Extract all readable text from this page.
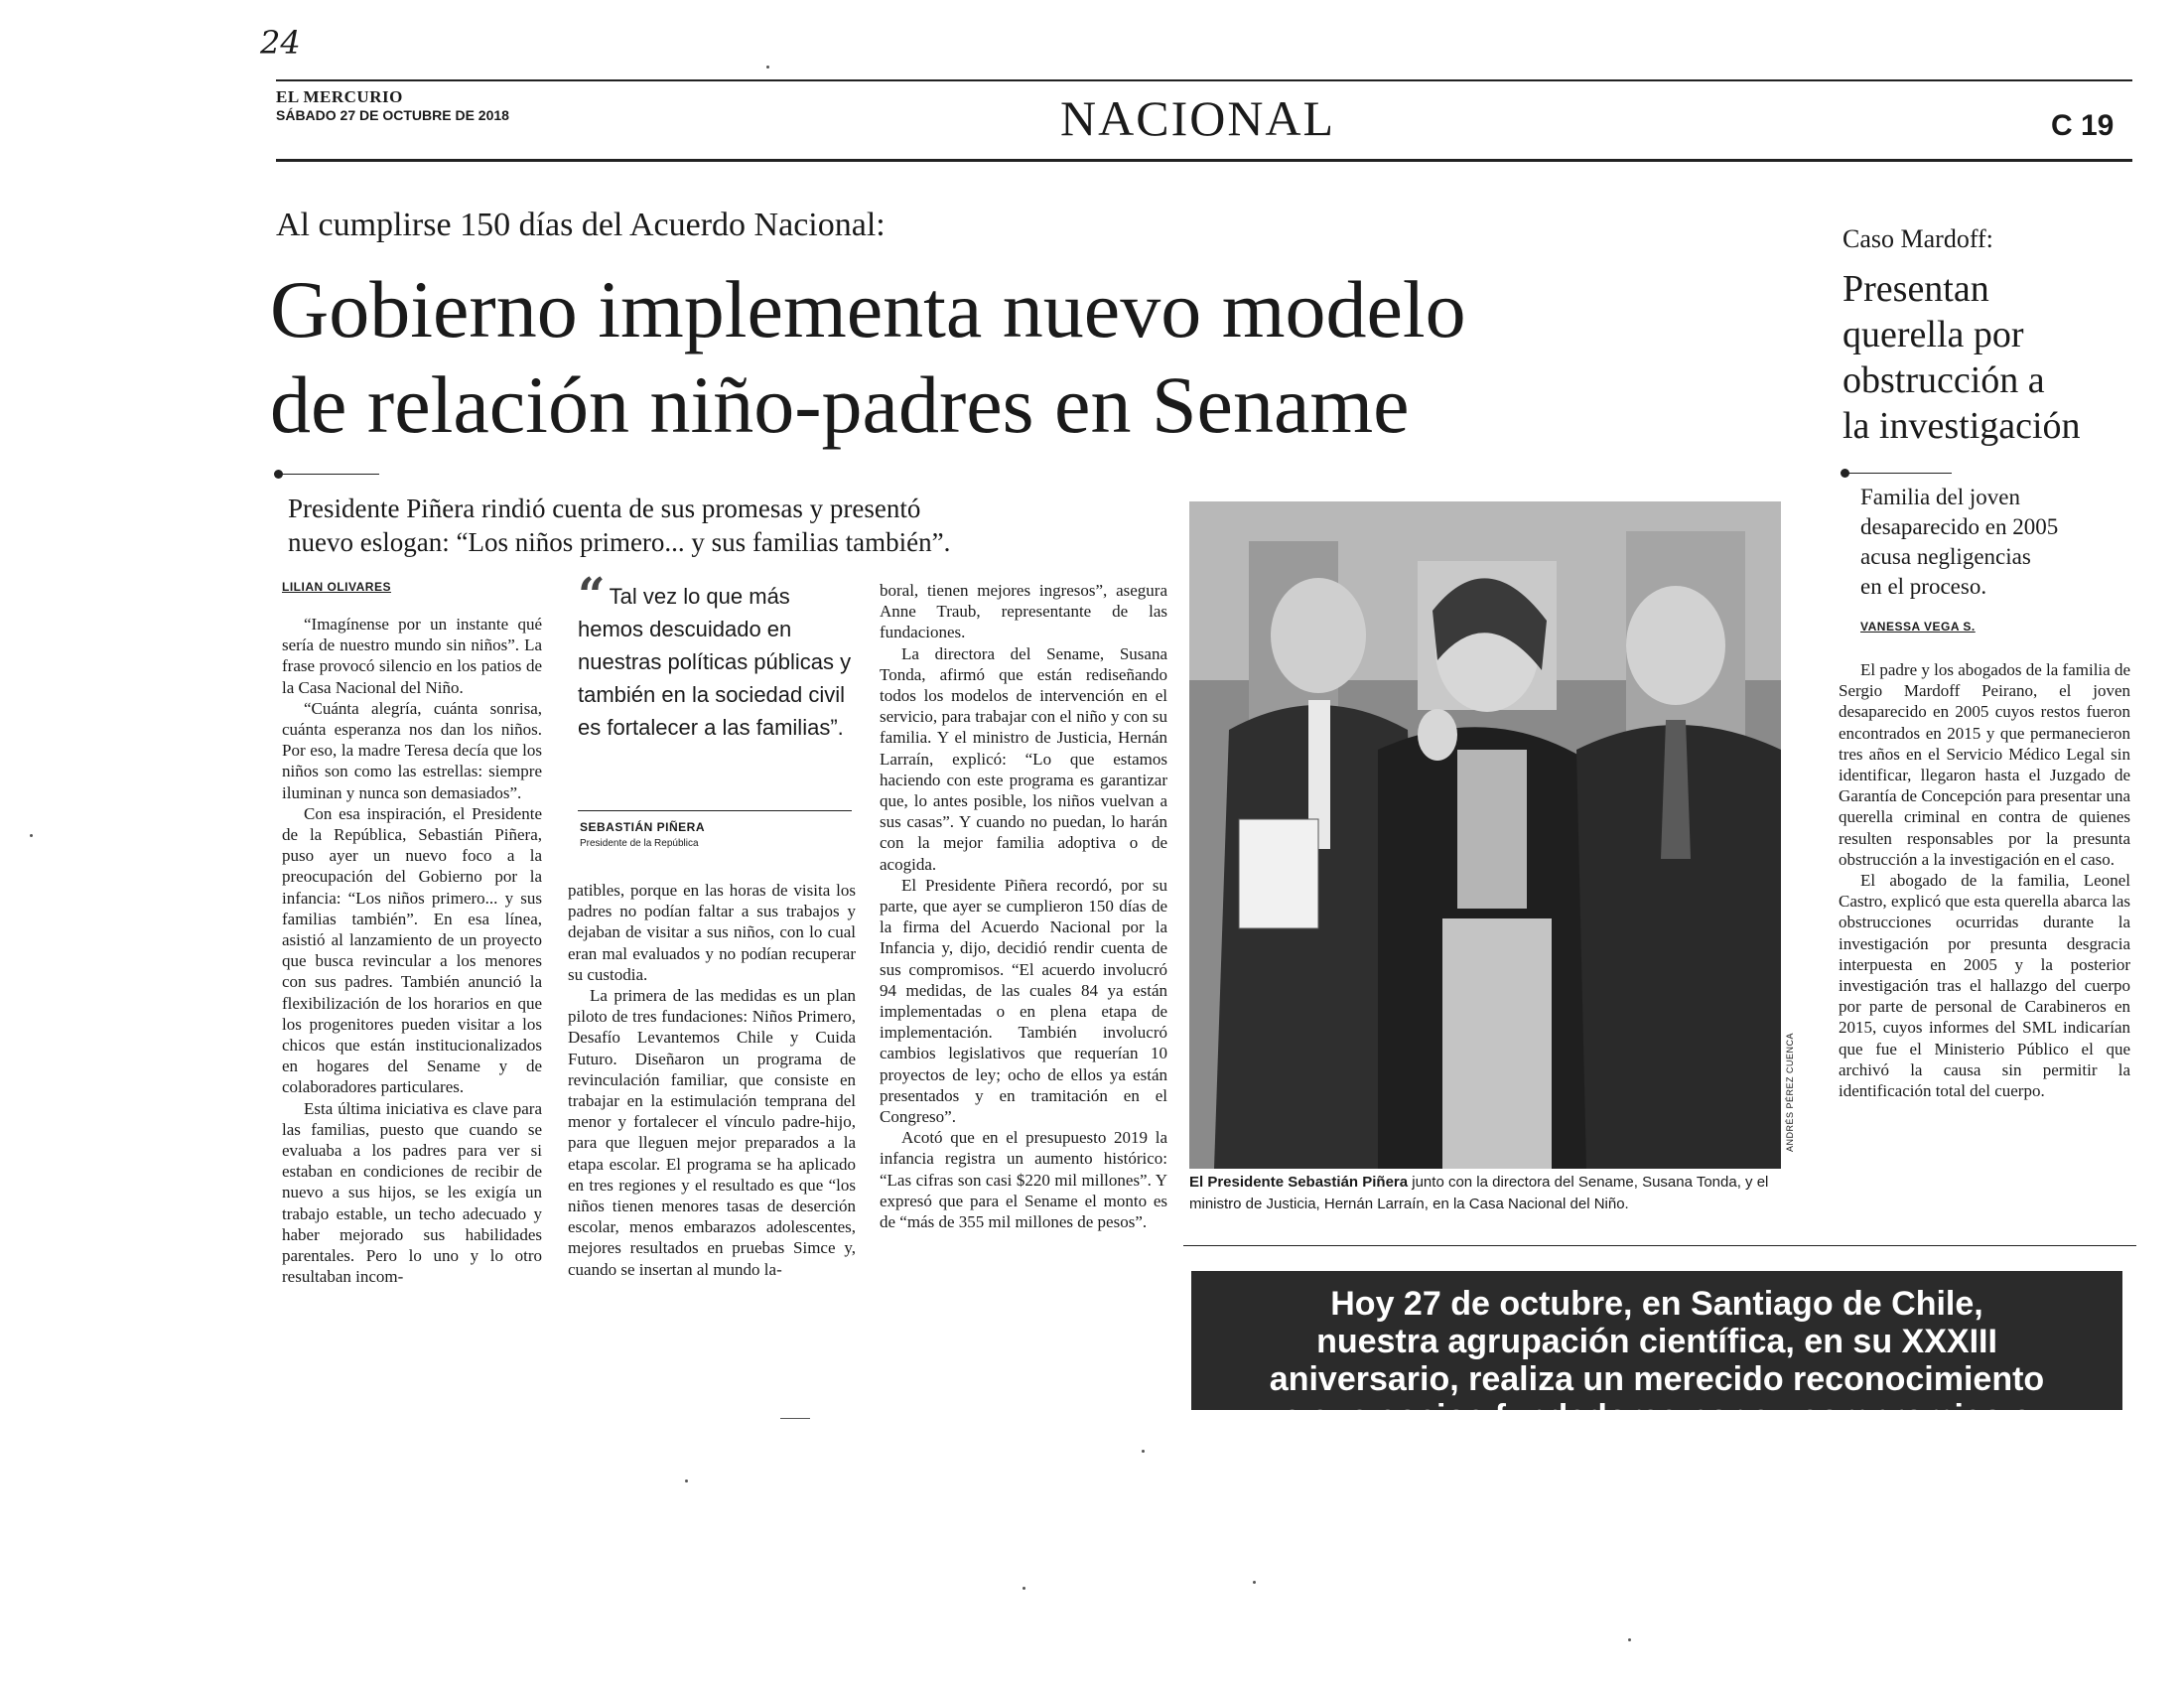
24
EL MERCURIO
SÁBADO 27 DE OCTUBRE DE 2018	NACIONAL	C 19
Al cumplirse 150 días del Acuerdo Nacional:
Gobierno implementa nuevo modelo
de relación niño-padres en Sename
Presidente Piñera rindió cuenta de sus promesas y presentó
nuevo eslogan: “Los niños primero... y sus familias también”.
LILIAN OLIVARES

“Imagínense por un instante qué sería de nuestro mundo sin niños”. La frase provocó silencio en los patios de la Casa Nacional del Niño.

“Cuánta alegría, cuánta sonrisa, cuánta esperanza nos dan los niños. Por eso, la madre Teresa decía que los niños son como las estrellas: siempre iluminan y nunca son demasiados”.

Con esa inspiración, el Presidente de la República, Sebastián Piñera, puso ayer un nuevo foco a la preocupación del Gobierno por la infancia: “Los niños primero... y sus familias también”. En esa línea, asistió al lanzamiento de un proyecto que busca revincular a los menores con sus padres. También anunció la flexibilización de los horarios en que los progenitores pueden visitar a los chicos que están institucionalizados en hogares del Sename y de colaboradores particulares.

Esta última iniciativa es clave para las familias, puesto que cuando se evaluaba a los padres para ver si estaban en condiciones de recibir de nuevo a sus hijos, se les exigía un trabajo estable, un techo adecuado y haber mejorado sus habilidades parentales. Pero lo uno y lo otro resultaban incom-

“ Tal vez lo que más hemos descuidado en nuestras políticas públicas y también en la sociedad civil es fortalecer a las familias”.
SEBASTIÁN PIÑERA
Presidente de la República

patibles, porque en las horas de visita los padres no podían faltar a sus trabajos y dejaban de visitar a sus niños, con lo cual eran mal evaluados y no podían recuperar su custodia.

La primera de las medidas es un plan piloto de tres fundaciones: Niños Primero, Desafío Levantemos Chile y Cuida Futuro. Diseñaron un programa de revinculación familiar, que consiste en trabajar en la estimulación temprana del menor y fortalecer el vínculo padre-hijo, para que lleguen mejor preparados a la etapa escolar. El programa se ha aplicado en tres regiones y el resultado es que “los niños tienen menores tasas de deserción escolar, menos embarazos adolescentes, mejores resultados en pruebas Simce y, cuando se insertan al mundo la-

boral, tienen mejores ingresos”, asegura Anne Traub, representante de las fundaciones.

La directora del Sename, Susana Tonda, afirmó que están rediseñando todos los modelos de intervención en el servicio, para trabajar con el niño y con su familia. Y el ministro de Justicia, Hernán Larraín, explicó: “Lo que estamos haciendo con este programa es garantizar que, lo antes posible, los niños vuelvan a sus casas”. Y cuando no puedan, lo harán con la mejor familia adoptiva o de acogida.

El Presidente Piñera recordó, por su parte, que ayer se cumplieron 150 días de la firma del Acuerdo Nacional por la Infancia y, dijo, decidió rendir cuenta de sus compromisos. “El acuerdo involucró 94 medidas, de las cuales 84 ya están implementadas o en plena etapa de implementación. También involucró cambios legislativos que requerían 10 proyectos de ley; ocho de ellos ya están presentados y en tramitación en el Congreso”.

Acotó que en el presupuesto 2019 la infancia registra un aumento histórico: “Las cifras son casi $220 mil millones”. Y expresó que para el Sename el monto es de “más de 355 mil millones de pesos”.

ANDRÉS PÉREZ CUENCA
El Presidente Sebastián Piñera junto con la directora del Sename, Susana Tonda, y el ministro de Justicia, Hernán Larraín, en la Casa Nacional del Niño.
Caso Mardoff:
Presentan
querella por
obstrucción a
la investigación
Familia del joven
desaparecido en 2005
acusa negligencias
en el proceso.
VANESSA VEGA S.

El padre y los abogados de la familia de Sergio Mardoff Peirano, el joven desaparecido en 2005 cuyos restos fueron encontrados en 2015 y que permanecieron tres años en el Servicio Médico Legal sin identificar, llegaron hasta el Juzgado de Garantía de Concepción para presentar una querella criminal en contra de quienes resulten responsables por la presunta obstrucción a la investigación en el caso.

El abogado de la familia, Leonel Castro, explicó que esta querella abarca las obstrucciones ocurridas durante la investigación por presunta desgracia interpuesta en 2005 y la posterior investigación tras el hallazgo del cuerpo por parte de personal de Carabineros en 2015, cuyos informes del SML indicarían que fue el Ministerio Público el que archivó la causa sin permitir la identificación total del cuerpo.

Hoy 27 de octubre, en Santiago de Chile,
nuestra agrupación científica, en su XXXIII
aniversario, realiza un merecido reconocimiento
a sus socios fundadores por su compromiso e
